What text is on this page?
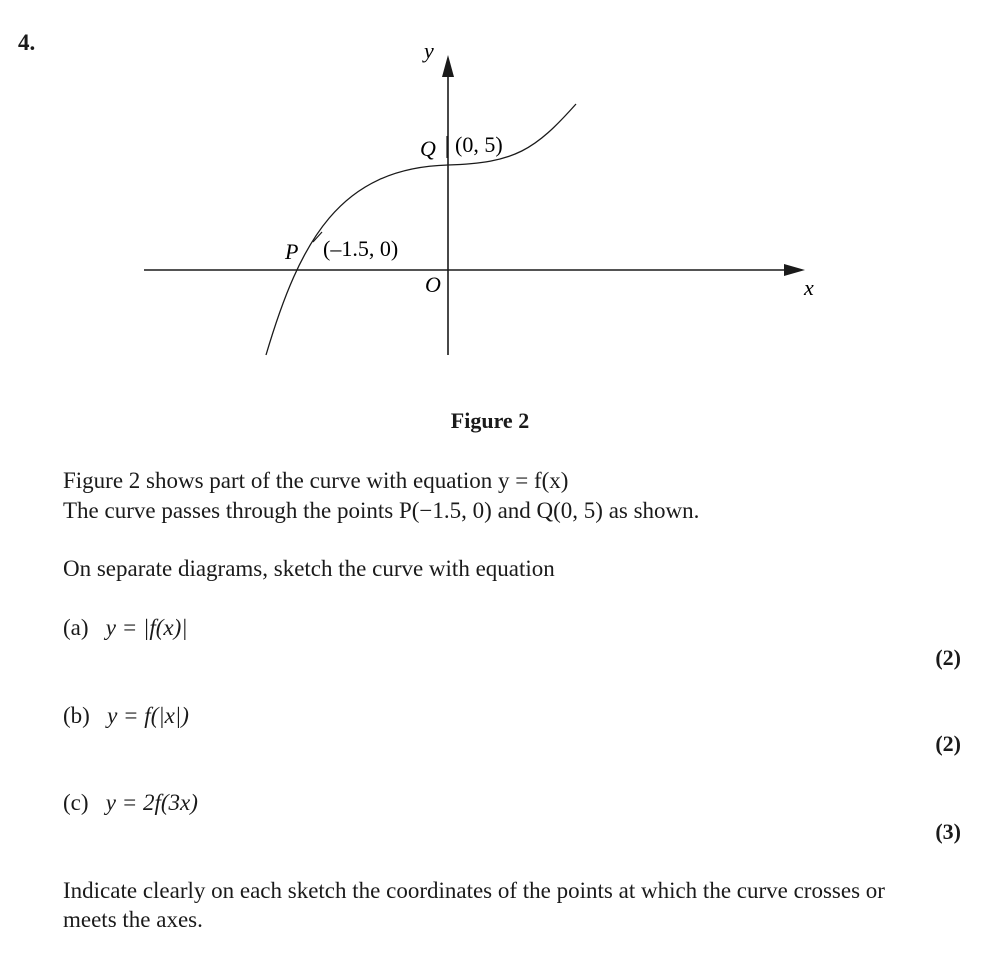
4.	y
x
O
P (–1.5, 0)
Q (0, 5)
Figure 2
Figure 2 shows part of the curve with equation y = f(x)
The curve passes through the points P(−1.5, 0) and Q(0, 5) as shown.
On separate diagrams, sketch the curve with equation
(a) y = |f(x)|
(2)
(b) y = f(|x|)
(2)
(c) y = 2f(3x)
(3)
Indicate clearly on each sketch the coordinates of the points at which the curve crosses or
meets the axes.
